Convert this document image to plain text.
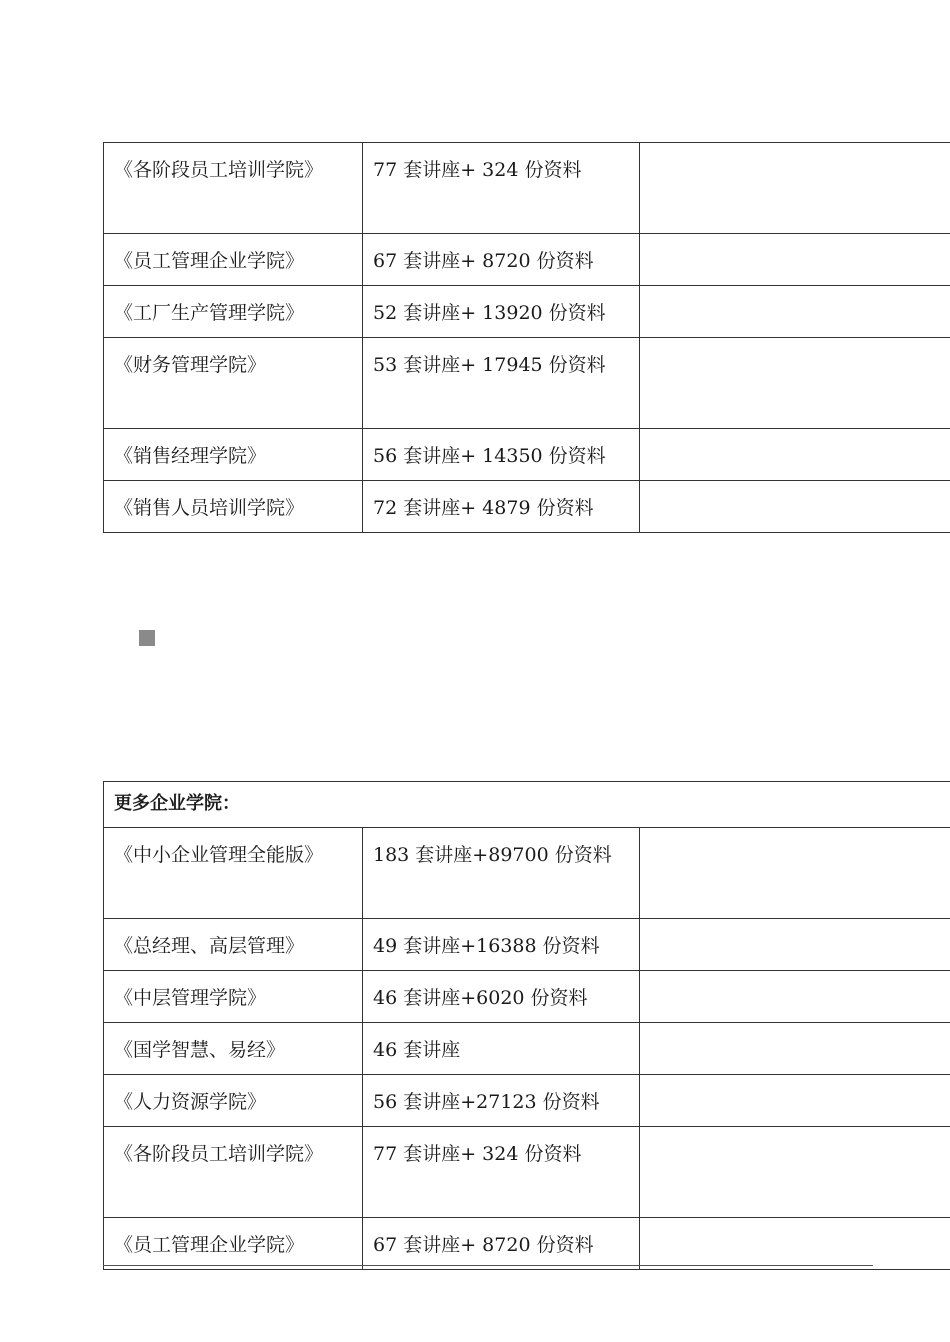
《各阶段员工培训学院》	77 套讲座+ 324 份资料	

《员工管理企业学院》	67 套讲座+ 8720 份资料	

《工厂生产管理学院》	52 套讲座+ 13920 份资料	

《财务管理学院》	53 套讲座+ 17945 份资料	

《销售经理学院》	56 套讲座+ 14350 份资料	

《销售人员培训学院》	72 套讲座+ 4879 份资料	

更多企业学院：		

《中小企业管理全能版》	183 套讲座+89700 份资料	

《总经理、高层管理》	49 套讲座+16388 份资料	

《中层管理学院》	46 套讲座+6020 份资料	

《国学智慧、易经》	46 套讲座	

《人力资源学院》	56 套讲座+27123 份资料	

《各阶段员工培训学院》	77 套讲座+ 324 份资料	

《员工管理企业学院》	67 套讲座+ 8720 份资料	
